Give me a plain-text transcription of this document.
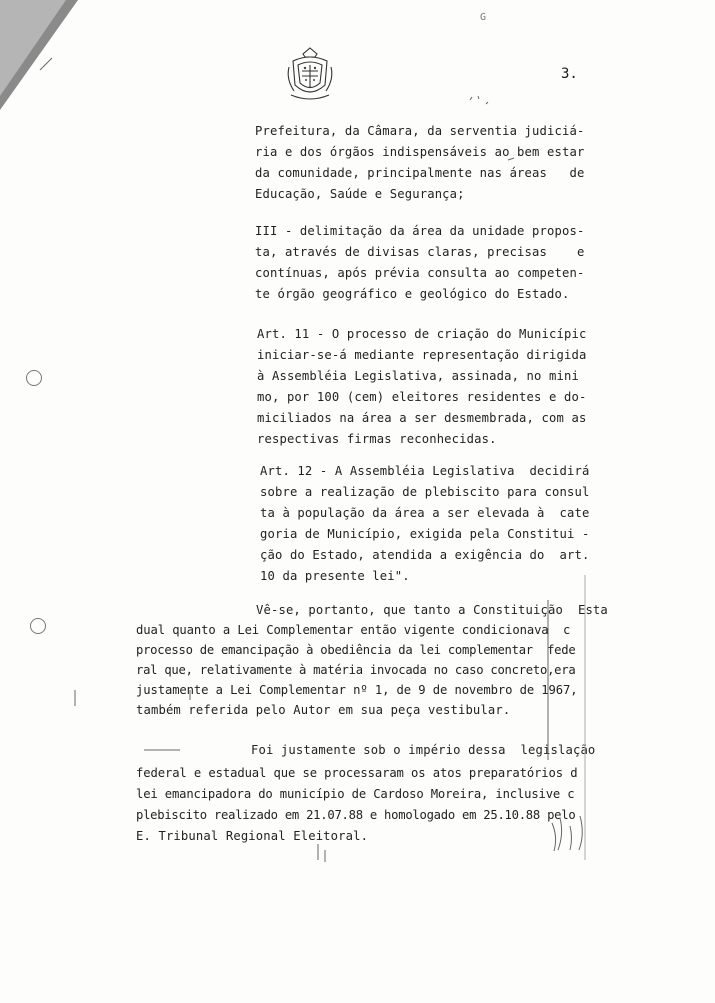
G
3.
Prefeitura, da Câmara, da serventia judiciá-
ria e dos órgãos indispensáveis ao bem estar
da comunidade, principalmente nas áreas   de
Educação, Saúde e Segurança;
III - delimitação da área da unidade propos-
ta, através de divisas claras, precisas    e
contínuas, após prévia consulta ao competen-
te órgão geográfico e geológico do Estado.
Art. 11 - O processo de criação do Municípic
iniciar-se-á mediante representação dirigida
à Assembléia Legislativa, assinada, no mini
mo, por 100 (cem) eleitores residentes e do-
miciliados na área a ser desmembrada, com as
respectivas firmas reconhecidas.
Art. 12 - A Assembléia Legislativa  decidirá
sobre a realização de plebiscito para consul
ta à população da área a ser elevada à  cate
goria de Município, exigida pela Constitui -
ção do Estado, atendida a exigência do  art.
10 da presente lei".
Vê-se, portanto, que tanto a Constituição  Esta
dual quanto a Lei Complementar então vigente condicionava  c
processo de emancipação à obediência da lei complementar  fede
ral que, relativamente à matéria invocada no caso concreto,era
justamente a Lei Complementar nº 1, de 9 de novembro de 1967,
também referida pelo Autor em sua peça vestibular.
Foi justamente sob o império dessa  legislação
federal e estadual que se processaram os atos preparatórios d
lei emancipadora do município de Cardoso Moreira, inclusive c
plebiscito realizado em 21.07.88 e homologado em 25.10.88 pelo
E. Tribunal Regional Eleitoral.
